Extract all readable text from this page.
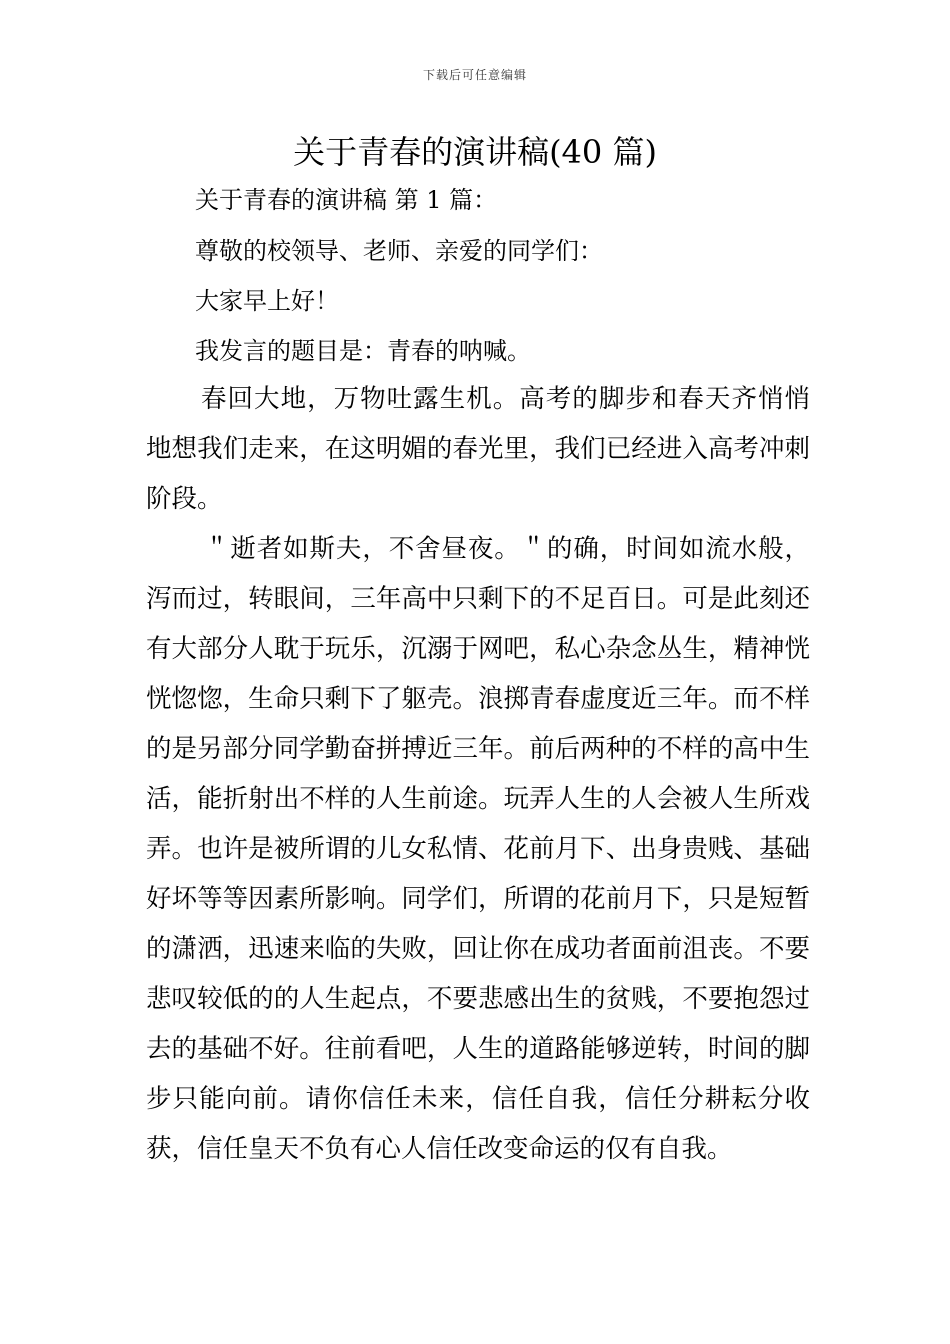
下载后可任意编辑
关于青春的演讲稿(40 篇)

关于青春的演讲稿 第 1 篇：

尊敬的校领导、老师、亲爱的同学们：

大家早上好！

我发言的题目是：青春的呐喊。

春回大地，万物吐露生机。高考的脚步和春天齐悄悄地想我们走来，在这明媚的春光里，我们已经进入高考冲刺阶段。

＂逝者如斯夫，不舍昼夜。＂的确，时间如流水般，泻而过，转眼间，三年高中只剩下的不足百日。可是此刻还有大部分人耽于玩乐，沉溺于网吧，私心杂念丛生，精神恍恍惚惚，生命只剩下了躯壳。浪掷青春虚度近三年。而不样的是另部分同学勤奋拼搏近三年。前后两种的不样的高中生活，能折射出不样的人生前途。玩弄人生的人会被人生所戏弄。也许是被所谓的儿女私情、花前月下、出身贵贱、基础好坏等等因素所影响。同学们，所谓的花前月下，只是短暂的潇洒，迅速来临的失败，回让你在成功者面前沮丧。不要悲叹较低的的人生起点，不要悲感出生的贫贱，不要抱怨过去的基础不好。往前看吧，人生的道路能够逆转，时间的脚步只能向前。请你信任未来，信任自我，信任分耕耘分收获，信任皇天不负有心人信任改变命运的仅有自我。
